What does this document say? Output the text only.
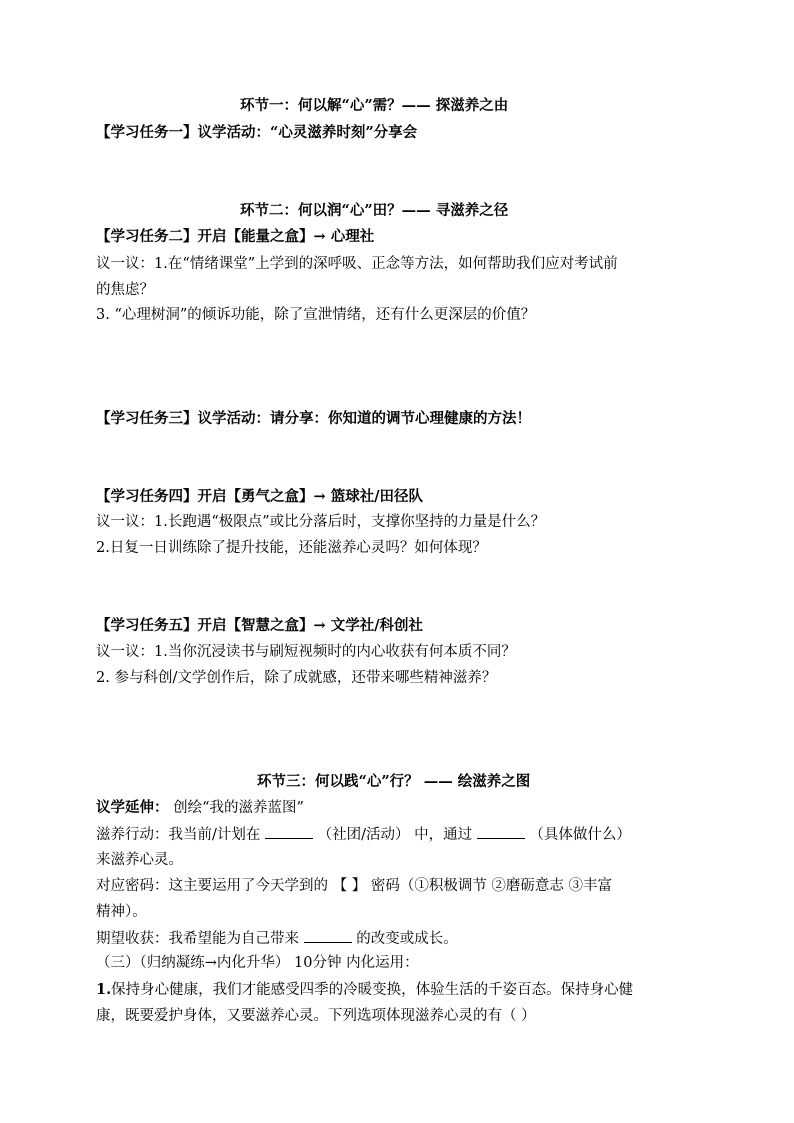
环节一：何以解“心”需？—— 探滋养之由
【学习任务一】议学活动：“心灵滋养时刻”分享会
环节二：何以润“心”田？—— 寻滋养之径
【学习任务二】开启【能量之盒】→ 心理社
议一议：1.在“情绪课堂”上学到的深呼吸、正念等方法，如何帮助我们应对考试前
的焦虑？
3. “心理树洞”的倾诉功能，除了宣泄情绪，还有什么更深层的价值？
【学习任务三】议学活动：请分享：你知道的调节心理健康的方法！
【学习任务四】开启【勇气之盒】→ 篮球社/田径队
议一议：1.长跑遇“极限点”或比分落后时，支撑你坚持的力量是什么？
2.日复一日训练除了提升技能，还能滋养心灵吗？如何体现？
【学习任务五】开启【智慧之盒】→ 文学社/科创社
议一议：1.当你沉浸读书与刷短视频时的内心收获有何本质不同？
2. 参与科创/文学创作后，除了成就感，还带来哪些精神滋养？
环节三：何以践“心”行？ —— 绘滋养之图
议学延伸： 创绘“我的滋养蓝图”
滋养行动：我当前/计划在	（社团/活动） 中，通过	（具体做什么）
来滋养心灵。
对应密码：这主要运用了今天学到的 【 】 密码（①积极调节 ②磨砺意志 ③丰富
精神）。
期望收获：我希望能为自己带来	的改变或成长。
（三）（归纳凝练→内化升华） 10分钟 内化运用：
1.保持身心健康，我们才能感受四季的冷暖变换，体验生活的千姿百态。保持身心健
康，既要爱护身体，又要滋养心灵。下列选项体现滋养心灵的有（ ）
